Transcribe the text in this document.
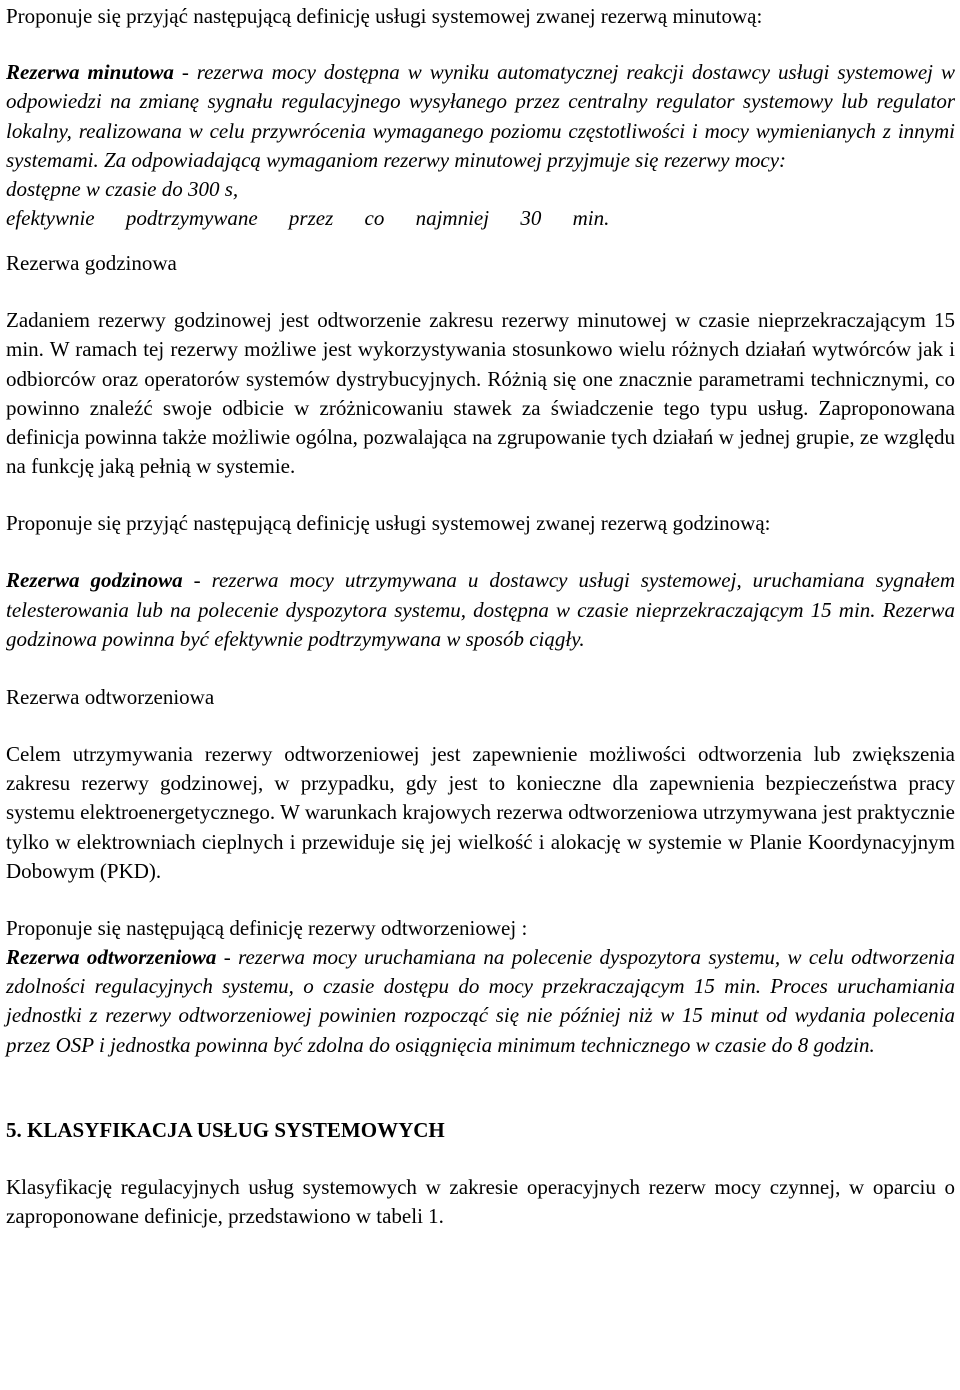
Proponuje się przyjąć następującą definicję usługi systemowej zwanej rezerwą minutową:

Rezerwa minutowa - rezerwa mocy dostępna w wyniku automatycznej reakcji dostawcy usługi systemowej w odpowiedzi na zmianę sygnału regulacyjnego wysyłanego przez centralny regulator systemowy lub regulator lokalny, realizowana w celu przywrócenia wymaganego poziomu częstotliwości i mocy wymienianych z innymi systemami. Za odpowiadającą wymaganiom rezerwy minutowej przyjmuje się rezerwy mocy:

dostępne w czasie do 300 s,

efektywnie podtrzymywane przez co najmniej 30 min.

Rezerwa godzinowa

Zadaniem rezerwy godzinowej jest odtworzenie zakresu rezerwy minutowej w czasie nieprzekraczającym 15 min. W ramach tej rezerwy możliwe jest wykorzystywania stosunkowo wielu różnych działań wytwórców jak i odbiorców oraz operatorów systemów dystrybucyjnych. Różnią się one znacznie parametrami technicznymi, co powinno znaleźć swoje odbicie w zróżnicowaniu stawek za świadczenie tego typu usług. Zaproponowana definicja powinna także możliwie ogólna, pozwalająca na zgrupowanie tych działań w jednej grupie, ze względu na funkcję jaką pełnią w systemie.

Proponuje się przyjąć następującą definicję usługi systemowej zwanej rezerwą godzinową:

Rezerwa godzinowa - rezerwa mocy utrzymywana u dostawcy usługi systemowej, uruchamiana sygnałem telesterowania lub na polecenie dyspozytora systemu, dostępna w czasie nieprzekraczającym 15 min. Rezerwa godzinowa powinna być efektywnie podtrzymywana w sposób ciągły.

Rezerwa odtworzeniowa

Celem utrzymywania rezerwy odtworzeniowej jest zapewnienie możliwości odtworzenia lub zwiększenia zakresu rezerwy godzinowej, w przypadku, gdy jest to konieczne dla zapewnienia bezpieczeństwa pracy systemu elektroenergetycznego. W warunkach krajowych rezerwa odtworzeniowa utrzymywana jest praktycznie tylko w elektrowniach cieplnych i przewiduje się jej wielkość i alokację w systemie w Planie Koordynacyjnym Dobowym (PKD).

Proponuje się następującą definicję rezerwy odtworzeniowej :

Rezerwa odtworzeniowa - rezerwa mocy uruchamiana na polecenie dyspozytora systemu, w celu odtworzenia zdolności regulacyjnych systemu, o czasie dostępu do mocy przekraczającym 15 min. Proces uruchamiania jednostki z rezerwy odtworzeniowej powinien rozpocząć się nie później niż w 15 minut od wydania polecenia przez OSP i jednostka powinna być zdolna do osiągnięcia minimum technicznego w czasie do 8 godzin.

5. KLASYFIKACJA USŁUG SYSTEMOWYCH

Klasyfikację regulacyjnych usług systemowych w zakresie operacyjnych rezerw mocy czynnej, w oparciu o zaproponowane definicje, przedstawiono w tabeli 1.
